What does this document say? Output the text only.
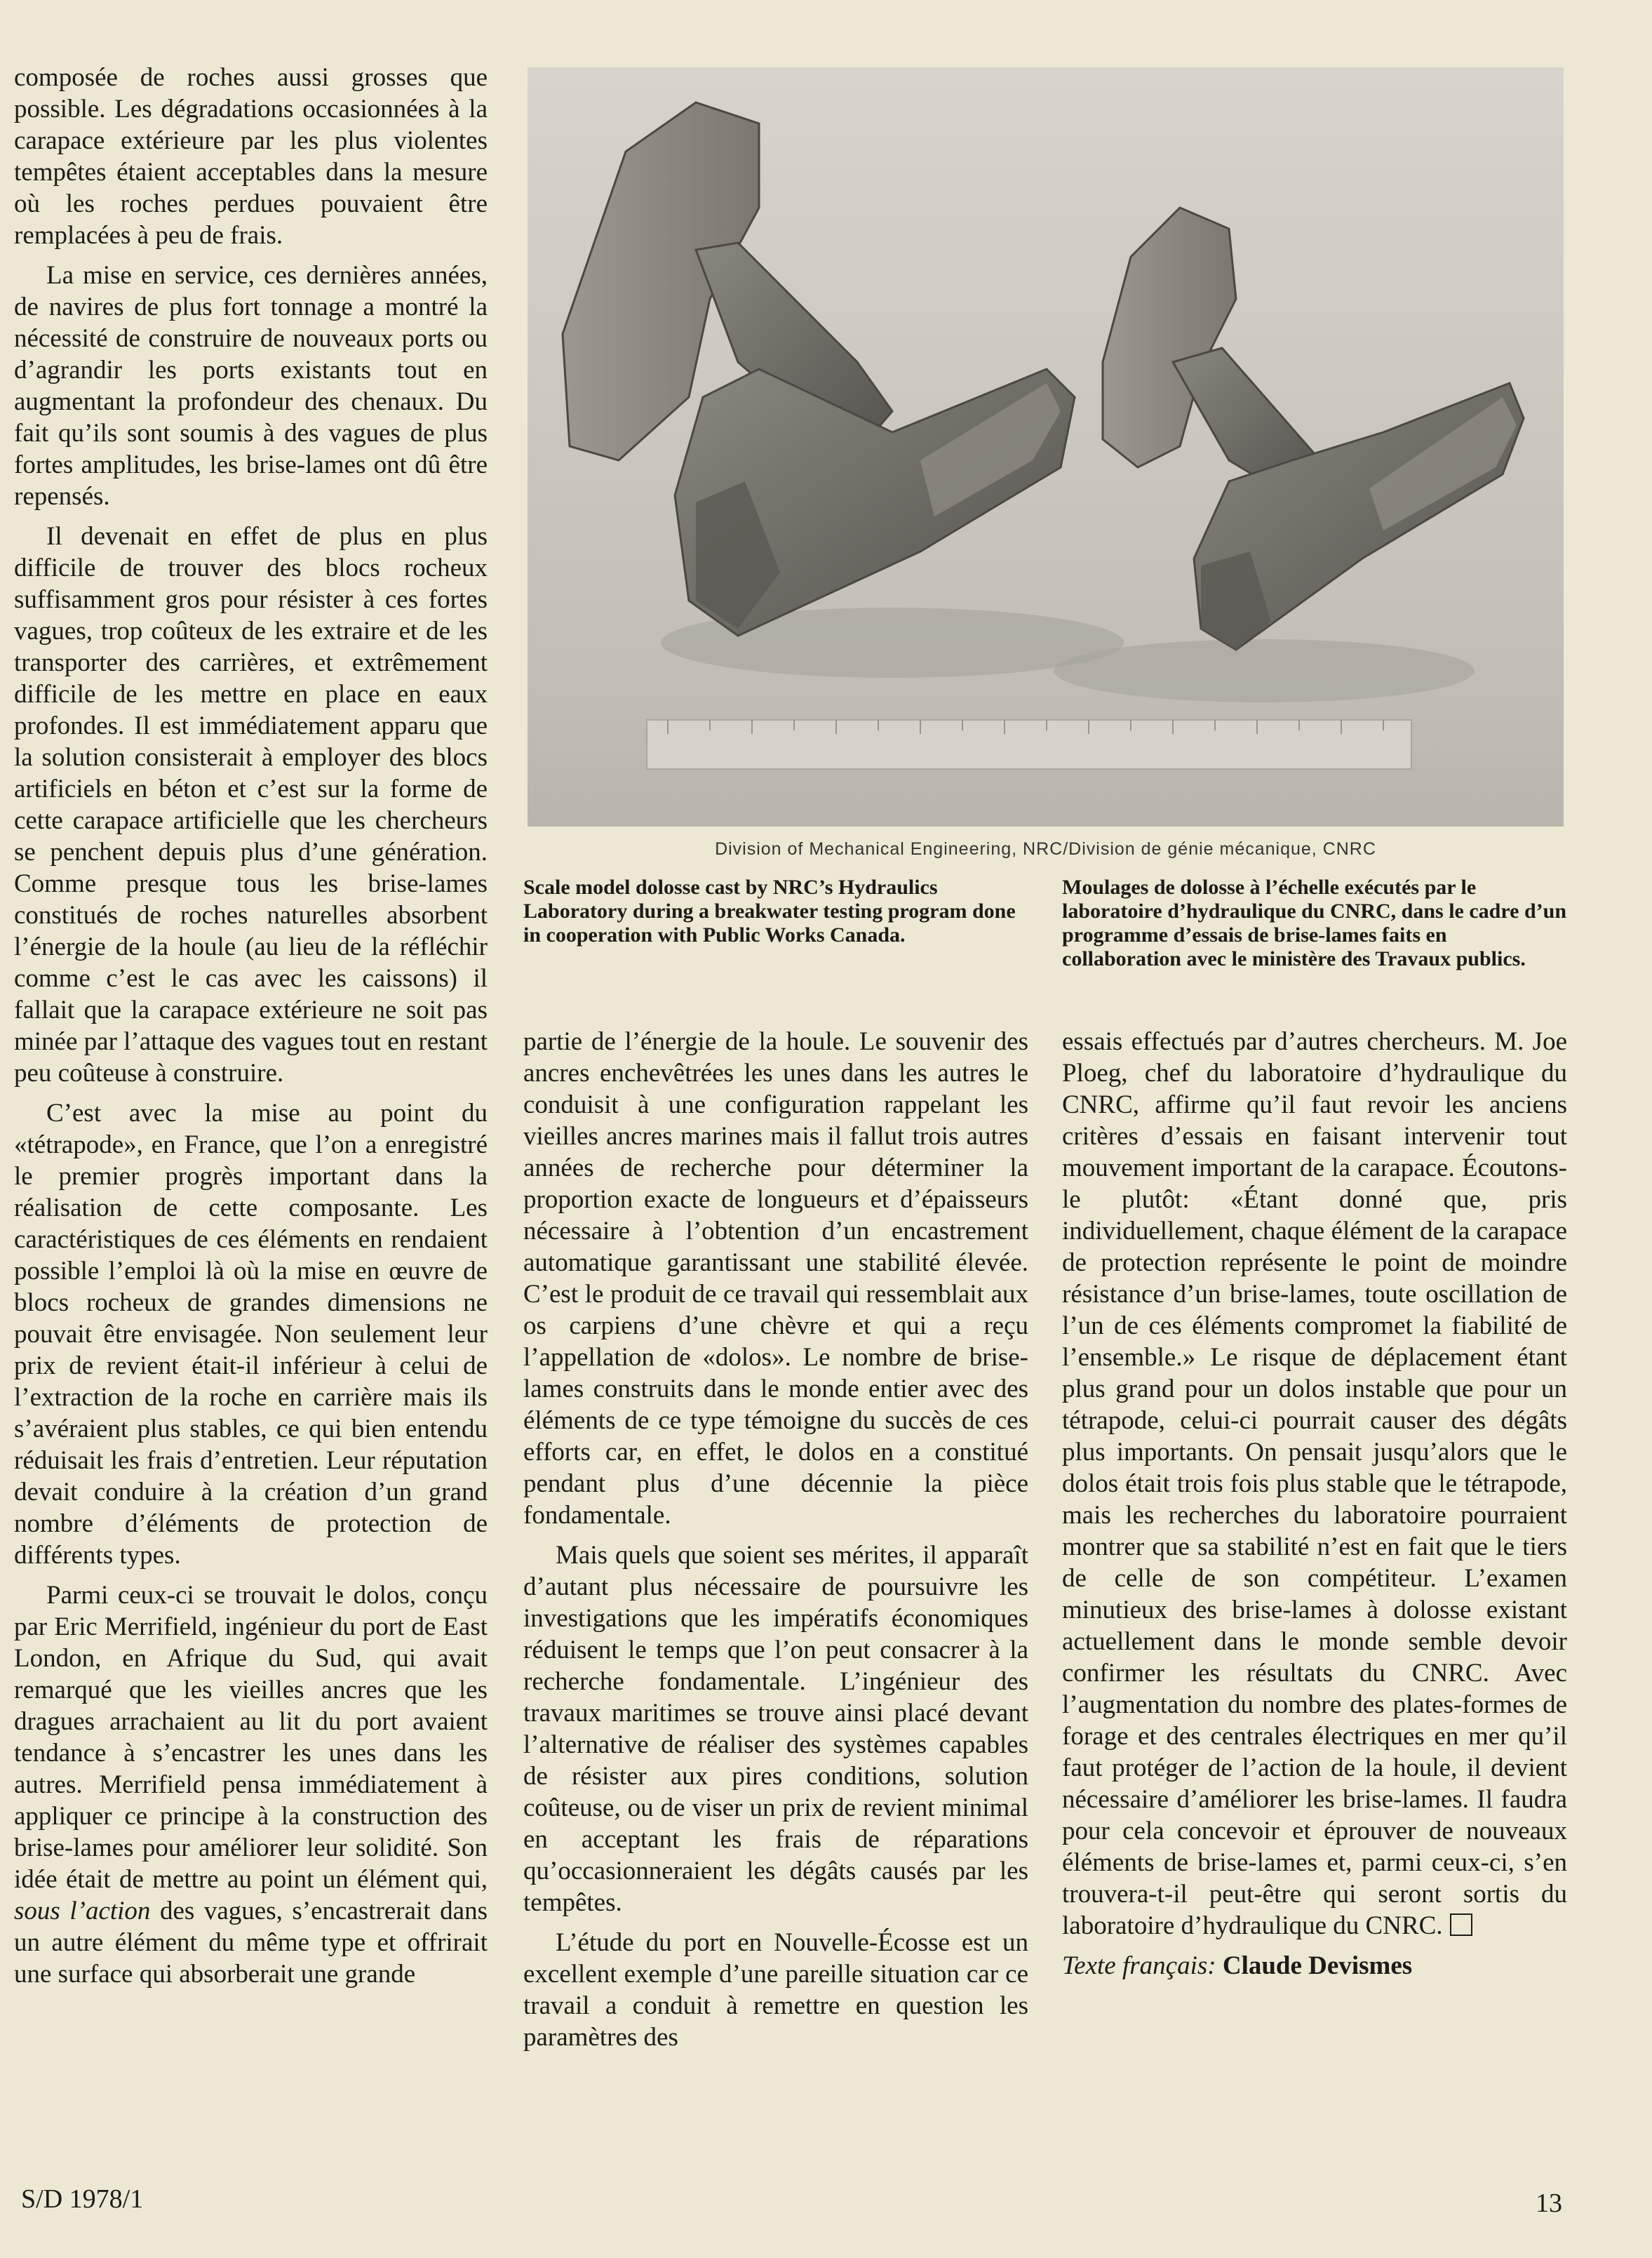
composée de roches aussi grosses que possible. Les dégradations occasionnées à la carapace extérieure par les plus violentes tempêtes étaient acceptables dans la mesure où les roches perdues pouvaient être remplacées à peu de frais.

La mise en service, ces dernières années, de navires de plus fort tonnage a montré la nécessité de construire de nouveaux ports ou d’agrandir les ports existants tout en augmentant la profondeur des chenaux. Du fait qu’ils sont soumis à des vagues de plus fortes amplitudes, les brise-lames ont dû être repensés.

Il devenait en effet de plus en plus difficile de trouver des blocs rocheux suffisamment gros pour résister à ces fortes vagues, trop coûteux de les extraire et de les transporter des carrières, et extrêmement difficile de les mettre en place en eaux profondes. Il est immédiatement apparu que la solution consisterait à employer des blocs artificiels en béton et c’est sur la forme de cette carapace artificielle que les chercheurs se penchent depuis plus d’une génération. Comme presque tous les brise-lames constitués de roches naturelles absorbent l’énergie de la houle (au lieu de la réfléchir comme c’est le cas avec les caissons) il fallait que la carapace extérieure ne soit pas minée par l’attaque des vagues tout en restant peu coûteuse à construire.

C’est avec la mise au point du «tétrapode», en France, que l’on a enregistré le premier progrès important dans la réalisation de cette composante. Les caractéristiques de ces éléments en rendaient possible l’emploi là où la mise en œuvre de blocs rocheux de grandes dimensions ne pouvait être envisagée. Non seulement leur prix de revient était-il inférieur à celui de l’extraction de la roche en carrière mais ils s’avéraient plus stables, ce qui bien entendu réduisait les frais d’entretien. Leur réputation devait conduire à la création d’un grand nombre d’éléments de protection de différents types.

Parmi ceux-ci se trouvait le dolos, conçu par Eric Merrifield, ingénieur du port de East London, en Afrique du Sud, qui avait remarqué que les vieilles ancres que les dragues arrachaient au lit du port avaient tendance à s’encastrer les unes dans les autres. Merrifield pensa immédiatement à appliquer ce principe à la construction des brise-lames pour améliorer leur solidité. Son idée était de mettre au point un élément qui, sous l’action des vagues, s’encastrerait dans un autre élément du même type et offrirait une surface qui absorberait une grande

Division of Mechanical Engineering, NRC/Division de génie mécanique, CNRC
Scale model dolosse cast by NRC’s Hydraulics Laboratory during a breakwater testing program done in cooperation with Public Works Canada.
Moulages de dolosse à l’échelle exécutés par le laboratoire d’hydraulique du CNRC, dans le cadre d’un programme d’essais de brise-lames faits en collaboration avec le ministère des Travaux publics.

partie de l’énergie de la houle. Le souvenir des ancres enchevêtrées les unes dans les autres le conduisit à une configuration rappelant les vieilles ancres marines mais il fallut trois autres années de recherche pour déterminer la proportion exacte de longueurs et d’épaisseurs nécessaire à l’obtention d’un encastrement automatique garantissant une stabilité élevée. C’est le produit de ce travail qui ressemblait aux os carpiens d’une chèvre et qui a reçu l’appellation de «dolos». Le nombre de brise-lames construits dans le monde entier avec des éléments de ce type témoigne du succès de ces efforts car, en effet, le dolos en a constitué pendant plus d’une décennie la pièce fondamentale.

Mais quels que soient ses mérites, il apparaît d’autant plus nécessaire de poursuivre les investigations que les impératifs économiques réduisent le temps que l’on peut consacrer à la recherche fondamentale. L’ingénieur des travaux maritimes se trouve ainsi placé devant l’alternative de réaliser des systèmes capables de résister aux pires conditions, solution coûteuse, ou de viser un prix de revient minimal en acceptant les frais de réparations qu’occasionneraient les dégâts causés par les tempêtes.

L’étude du port en Nouvelle-Écosse est un excellent exemple d’une pareille situation car ce travail a conduit à remettre en question les paramètres des

essais effectués par d’autres chercheurs. M. Joe Ploeg, chef du laboratoire d’hydraulique du CNRC, affirme qu’il faut revoir les anciens critères d’essais en faisant intervenir tout mouvement important de la carapace. Écoutons-le plutôt: «Étant donné que, pris individuellement, chaque élément de la carapace de protection représente le point de moindre résistance d’un brise-lames, toute oscillation de l’un de ces éléments compromet la fiabilité de l’ensemble.» Le risque de déplacement étant plus grand pour un dolos instable que pour un tétrapode, celui-ci pourrait causer des dégâts plus importants. On pensait jusqu’alors que le dolos était trois fois plus stable que le tétrapode, mais les recherches du laboratoire pourraient montrer que sa stabilité n’est en fait que le tiers de celle de son compétiteur. L’examen minutieux des brise-lames à dolosse existant actuellement dans le monde semble devoir confirmer les résultats du CNRC. Avec l’augmentation du nombre des plates-formes de forage et des centrales électriques en mer qu’il faut protéger de l’action de la houle, il devient nécessaire d’améliorer les brise-lames. Il faudra pour cela concevoir et éprouver de nouveaux éléments de brise-lames et, parmi ceux-ci, s’en trouvera-t-il peut-être qui seront sortis du laboratoire d’hydraulique du CNRC.

Texte français: Claude Devismes

S/D 1978/1	13
